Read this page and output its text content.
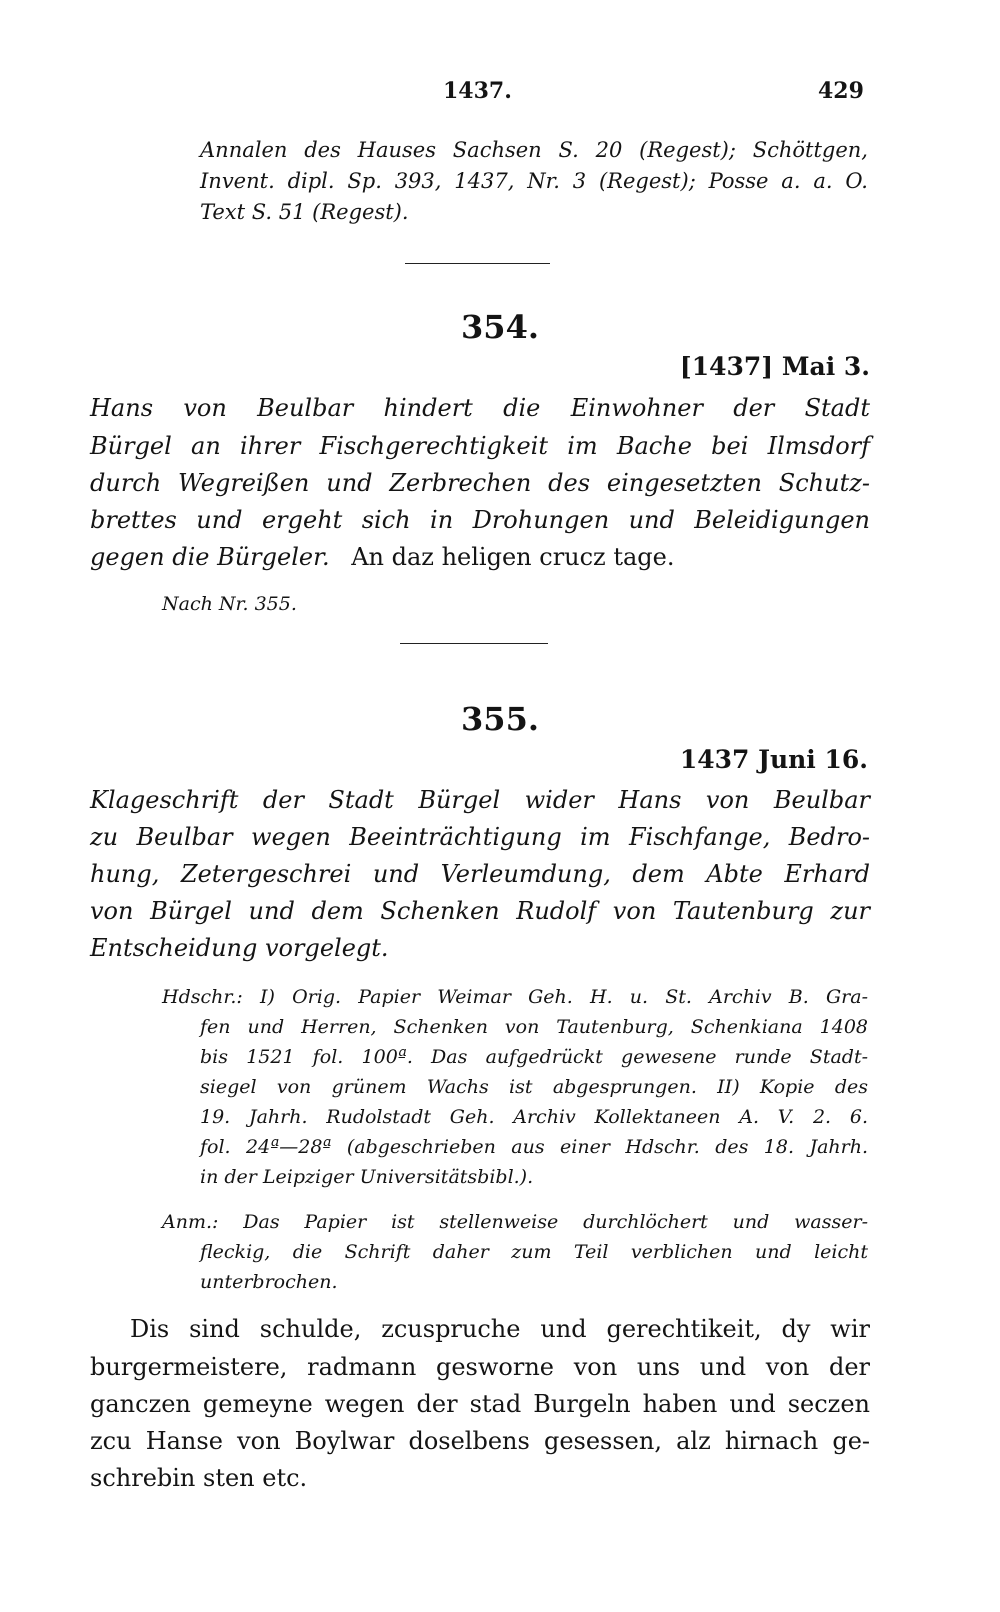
1437.	429
Annalen des Hauses Sachsen S. 20 (Regest); Schöttgen,
Invent. dipl. Sp. 393, 1437, Nr. 3 (Regest); Posse a. a. O.
Text S. 51 (Regest).
354.
[1437] Mai 3.
Hans von Beulbar hindert die Einwohner der Stadt
Bürgel an ihrer Fischgerechtigkeit im Bache bei Ilmsdorf
durch Wegreißen und Zerbrechen des eingesetzten Schutz-
brettes und ergeht sich in Drohungen und Beleidigungen
gegen die Bürgeler. An daz heligen crucz tage.
Nach Nr. 355.
355.
1437 Juni 16.
Klageschrift der Stadt Bürgel wider Hans von Beulbar
zu Beulbar wegen Beeinträchtigung im Fischfange, Bedro-
hung, Zetergeschrei und Verleumdung, dem Abte Erhard
von Bürgel und dem Schenken Rudolf von Tautenburg zur
Entscheidung vorgelegt.
Hdschr.: I) Orig. Papier Weimar Geh. H. u. St. Archiv B. Gra-
fen und Herren, Schenken von Tautenburg, Schenkiana 1408
bis 1521 fol. 100ª. Das aufgedrückt gewesene runde Stadt-
siegel von grünem Wachs ist abgesprungen. II) Kopie des
19. Jahrh. Rudolstadt Geh. Archiv Kollektaneen A. V. 2. 6.
fol. 24ª—28ª (abgeschrieben aus einer Hdschr. des 18. Jahrh.
in der Leipziger Universitätsbibl.).
Anm.: Das Papier ist stellenweise durchlöchert und wasser-
fleckig, die Schrift daher zum Teil verblichen und leicht
unterbrochen.
Dis sind schulde, zcuspruche und gerechtikeit, dy wir
burgermeistere, radmann gesworne von uns und von der
ganczen gemeyne wegen der stad Burgeln haben und seczen
zcu Hanse von Boylwar doselbens gesessen, alz hirnach ge-
schrebin sten etc.
